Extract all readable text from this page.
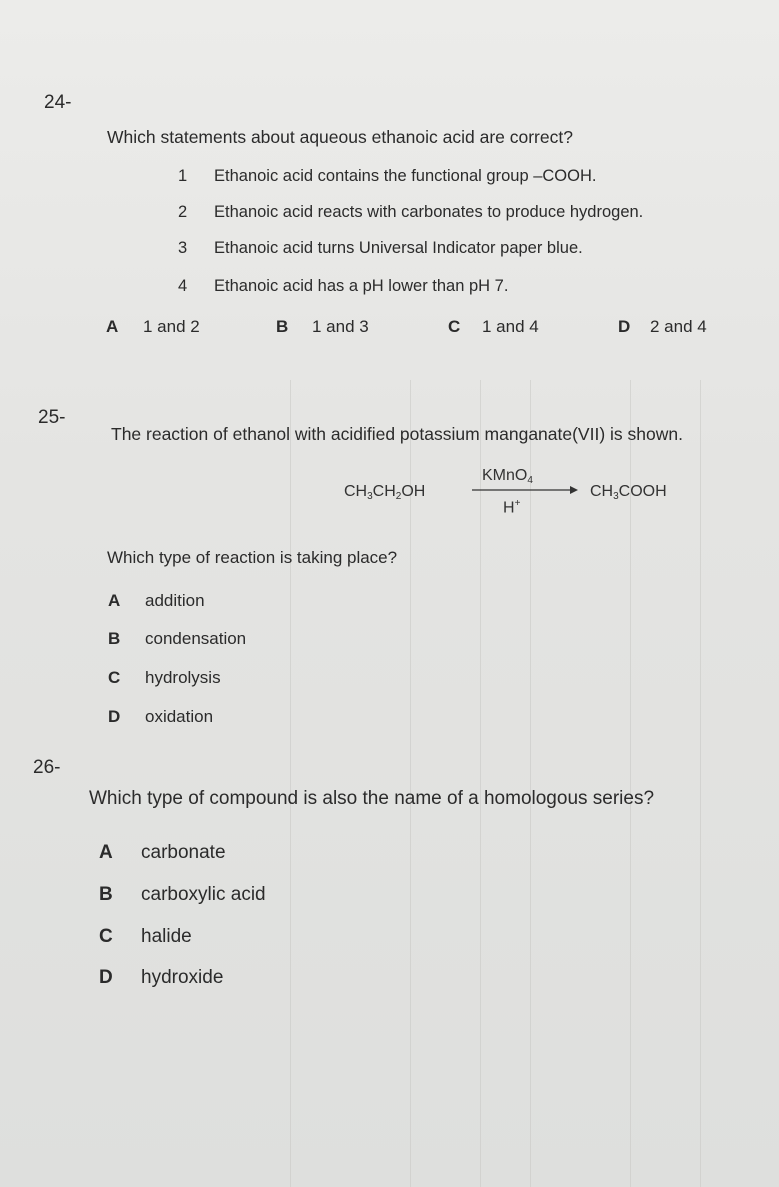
24-
Which statements about aqueous ethanoic acid are correct?
1 Ethanoic acid contains the functional group –COOH.
2 Ethanoic acid reacts with carbonates to produce hydrogen.
3 Ethanoic acid turns Universal Indicator paper blue.
4 Ethanoic acid has a pH lower than pH 7.
A 1 and 2	B 1 and 3	C 1 and 4	D 2 and 4
25-
The reaction of ethanol with acidified potassium manganate(VII) is shown.
$CH_3CH_2OH$
KMnO$_4$
H+
$CH_3COOH$
Which type of reaction is taking place?
A addition
B condensation
C hydrolysis
D oxidation
26-
Which type of compound is also the name of a homologous series?
A carbonate
B carboxylic acid
C halide
D hydroxide
